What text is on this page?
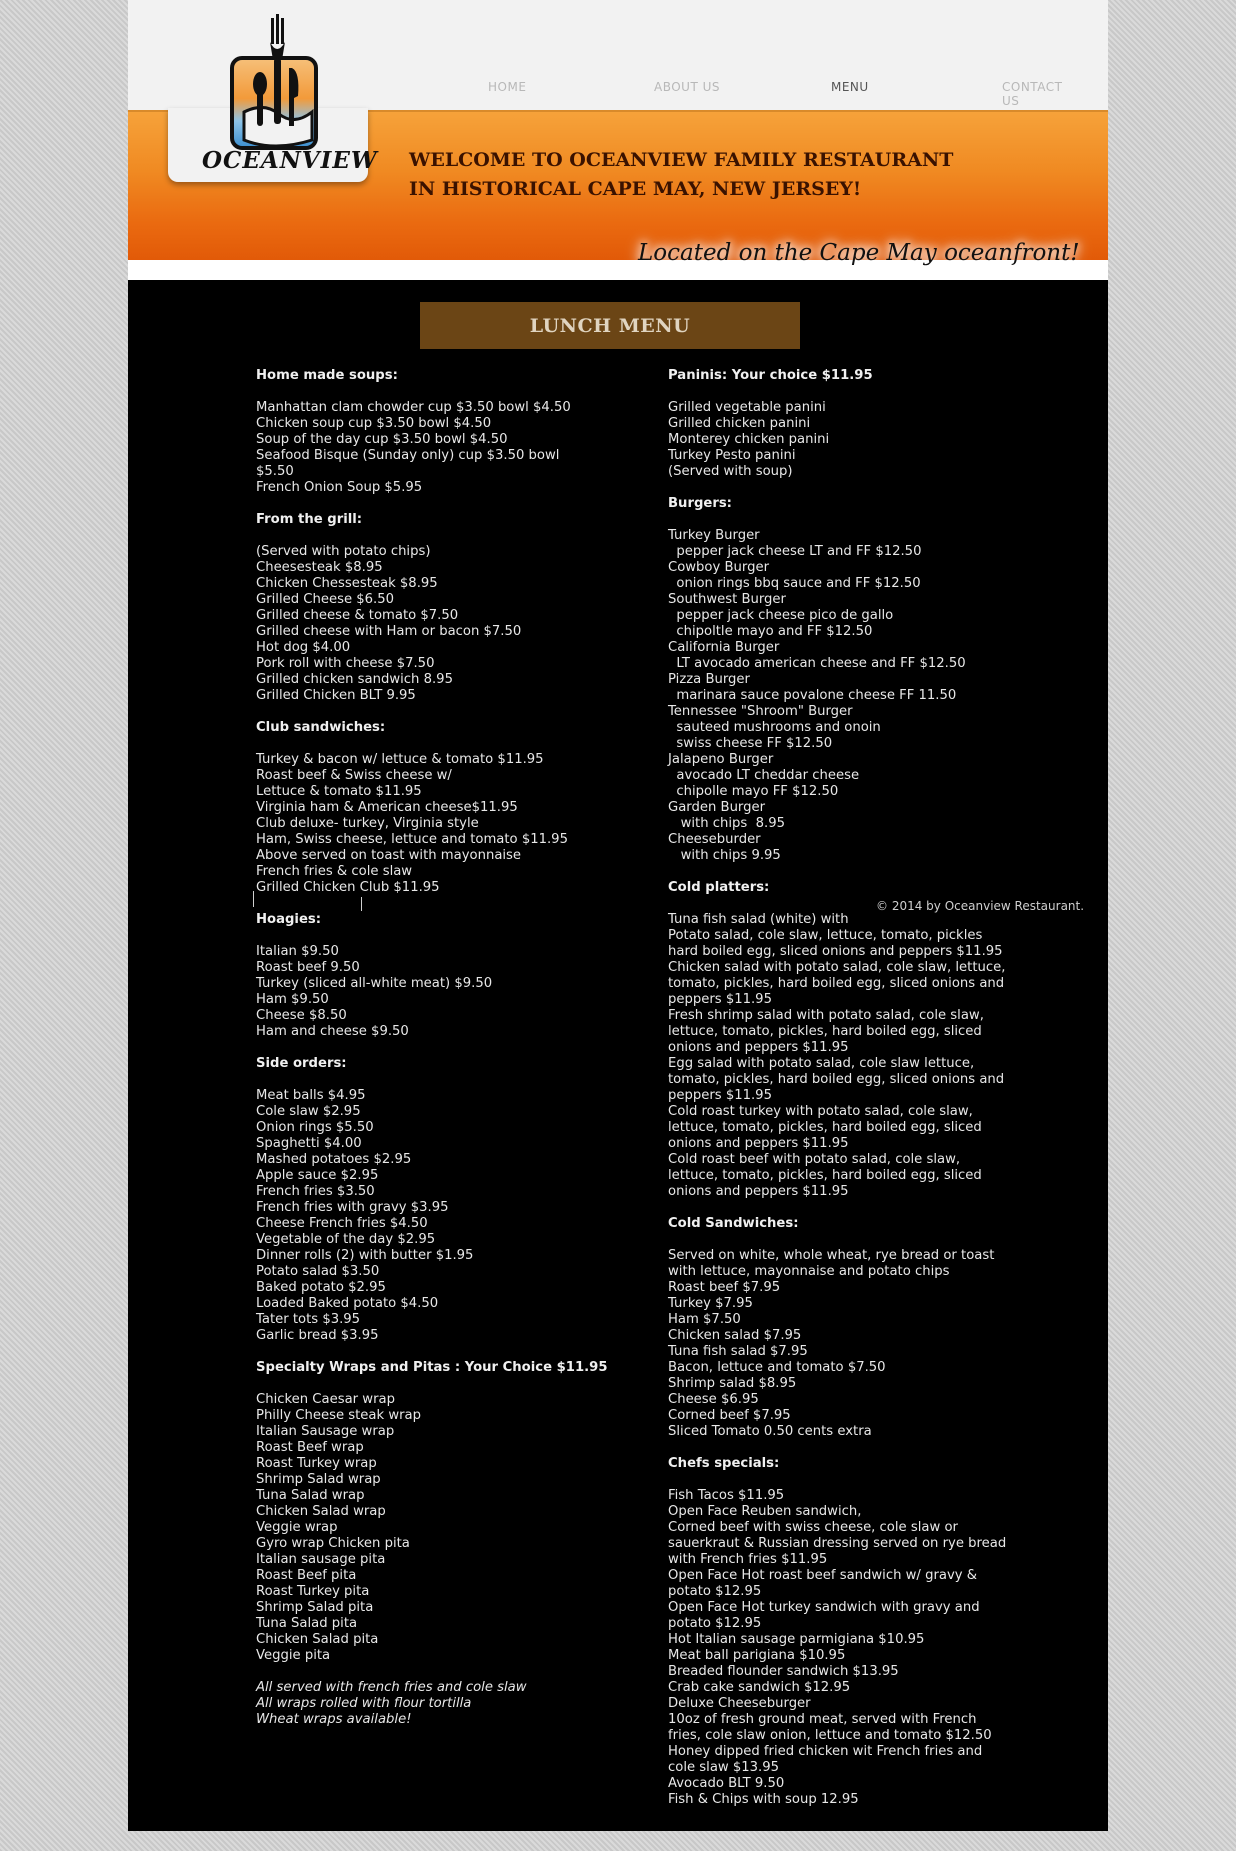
OCEANVIEW
HOME	ABOUT US	MENU	CONTACT US
WELCOME TO OCEANVIEW FAMILY RESTAURANT
IN HISTORICAL CAPE MAY, NEW JERSEY!
Located on the Cape May oceanfront!
LUNCH MENU
Home made soups:
Manhattan clam chowder cup $3.50 bowl $4.50
Chicken soup cup $3.50 bowl $4.50
Soup of the day cup $3.50 bowl $4.50
Seafood Bisque (Sunday only) cup $3.50 bowl
$5.50
French Onion Soup $5.95
From the grill:
(Served with potato chips)
Cheesesteak $8.95
Chicken Chessesteak $8.95
Grilled Cheese $6.50
Grilled cheese & tomato $7.50
Grilled cheese with Ham or bacon $7.50
Hot dog $4.00
Pork roll with cheese $7.50
Grilled chicken sandwich 8.95
Grilled Chicken BLT 9.95
Club sandwiches:
Turkey & bacon w/ lettuce & tomato $11.95
Roast beef & Swiss cheese w/
Lettuce & tomato $11.95
Virginia ham & American cheese$11.95
Club deluxe- turkey, Virginia style
Ham, Swiss cheese, lettuce and tomato $11.95
Above served on toast with mayonnaise
French fries & cole slaw
Grilled Chicken Club $11.95
Hoagies:
Italian $9.50
Roast beef 9.50
Turkey (sliced all-white meat) $9.50
Ham $9.50
Cheese $8.50
Ham and cheese $9.50
Side orders:
Meat balls $4.95
Cole slaw $2.95
Onion rings $5.50
Spaghetti $4.00
Mashed potatoes $2.95
Apple sauce $2.95
French fries $3.50
French fries with gravy $3.95
Cheese French fries $4.50
Vegetable of the day $2.95
Dinner rolls (2) with butter $1.95
Potato salad $3.50
Baked potato $2.95
Loaded Baked potato $4.50
Tater tots $3.95
Garlic bread $3.95
Specialty Wraps and Pitas : Your Choice $11.95
Chicken Caesar wrap
Philly Cheese steak wrap
Italian Sausage wrap
Roast Beef wrap
Roast Turkey wrap
Shrimp Salad wrap
Tuna Salad wrap
Chicken Salad wrap
Veggie wrap
Gyro wrap Chicken pita
Italian sausage pita
Roast Beef pita
Roast Turkey pita
Shrimp Salad pita
Tuna Salad pita
Chicken Salad pita
Veggie pita
All served with french fries and cole slaw
All wraps rolled with flour tortilla
Wheat wraps available!
Paninis: Your choice $11.95
Grilled vegetable panini
Grilled chicken panini
Monterey chicken panini
Turkey Pesto panini
(Served with soup)
Burgers:
Turkey Burger
pepper jack cheese LT and FF $12.50
Cowboy Burger
onion rings bbq sauce and FF $12.50
Southwest Burger
pepper jack cheese pico de gallo
chipoltle mayo and FF $12.50
California Burger
LT avocado american cheese and FF $12.50
Pizza Burger
marinara sauce povalone cheese FF 11.50
Tennessee "Shroom" Burger
sauteed mushrooms and onoin
swiss cheese FF $12.50
Jalapeno Burger
avocado LT cheddar cheese
chipolle mayo FF $12.50
Garden Burger
with chips  8.95
Cheeseburder
with chips 9.95
Cold platters:
Tuna fish salad (white) with
Potato salad, cole slaw, lettuce, tomato, pickles
hard boiled egg, sliced onions and peppers $11.95
Chicken salad with potato salad, cole slaw, lettuce,
tomato, pickles, hard boiled egg, sliced onions and
peppers $11.95
Fresh shrimp salad with potato salad, cole slaw,
lettuce, tomato, pickles, hard boiled egg, sliced
onions and peppers $11.95
Egg salad with potato salad, cole slaw lettuce,
tomato, pickles, hard boiled egg, sliced onions and
peppers $11.95
Cold roast turkey with potato salad, cole slaw,
lettuce, tomato, pickles, hard boiled egg, sliced
onions and peppers $11.95
Cold roast beef with potato salad, cole slaw,
lettuce, tomato, pickles, hard boiled egg, sliced
onions and peppers $11.95
Cold Sandwiches:
Served on white, whole wheat, rye bread or toast
with lettuce, mayonnaise and potato chips
Roast beef $7.95
Turkey $7.95
Ham $7.50
Chicken salad $7.95
Tuna fish salad $7.95
Bacon, lettuce and tomato $7.50
Shrimp salad $8.95
Cheese $6.95
Corned beef $7.95
Sliced Tomato 0.50 cents extra
Chefs specials:
Fish Tacos $11.95
Open Face Reuben sandwich,
Corned beef with swiss cheese, cole slaw or
sauerkraut & Russian dressing served on rye bread
with French fries $11.95
Open Face Hot roast beef sandwich w/ gravy &
potato $12.95
Open Face Hot turkey sandwich with gravy and
potato $12.95
Hot Italian sausage parmigiana $10.95
Meat ball parigiana $10.95
Breaded flounder sandwich $13.95
Crab cake sandwich $12.95
Deluxe Cheeseburger
10oz of fresh ground meat, served with French
fries, cole slaw onion, lettuce and tomato $12.50
Honey dipped fried chicken wit French fries and
cole slaw $13.95
Avocado BLT 9.50
Fish & Chips with soup 12.95
© 2014 by Oceanview Restaurant.
